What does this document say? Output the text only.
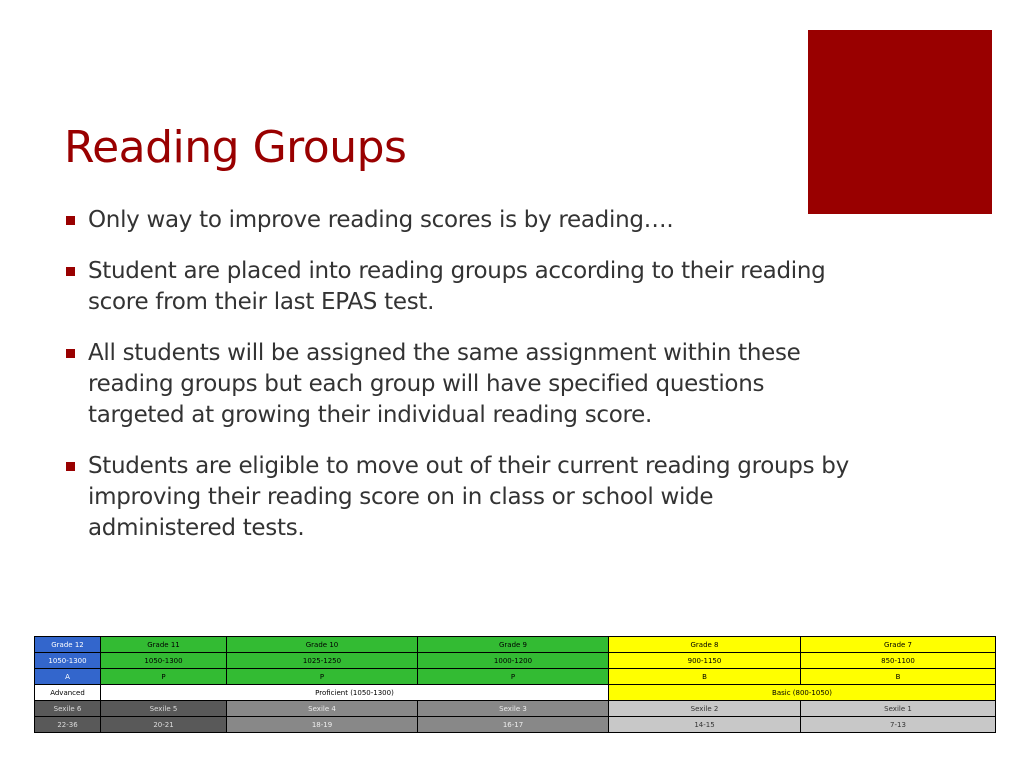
Reading Groups
Only way to improve reading scores is by reading….
Student are placed into reading groups according to their reading score from their last EPAS test.
All students will be assigned the same assignment within these reading groups but each group will have specified questions targeted at growing their individual reading score.
Students are eligible to move out of their current reading groups by improving their reading score on in class or school wide administered tests.
Grade 12	Grade 11	Grade 10	Grade 9	Grade 8	Grade 7
1050-1300	1050-1300	1025-1250	1000-1200	900-1150	850-1100
A	P	P	P	B	B
Advanced	Proficient (1050-1300)			Basic (800-1050)	
Sexile 6	Sexile 5	Sexile 4	Sexile 3	Sexile 2	Sexile 1
22-36	20-21	18-19	16-17	14-15	7-13
